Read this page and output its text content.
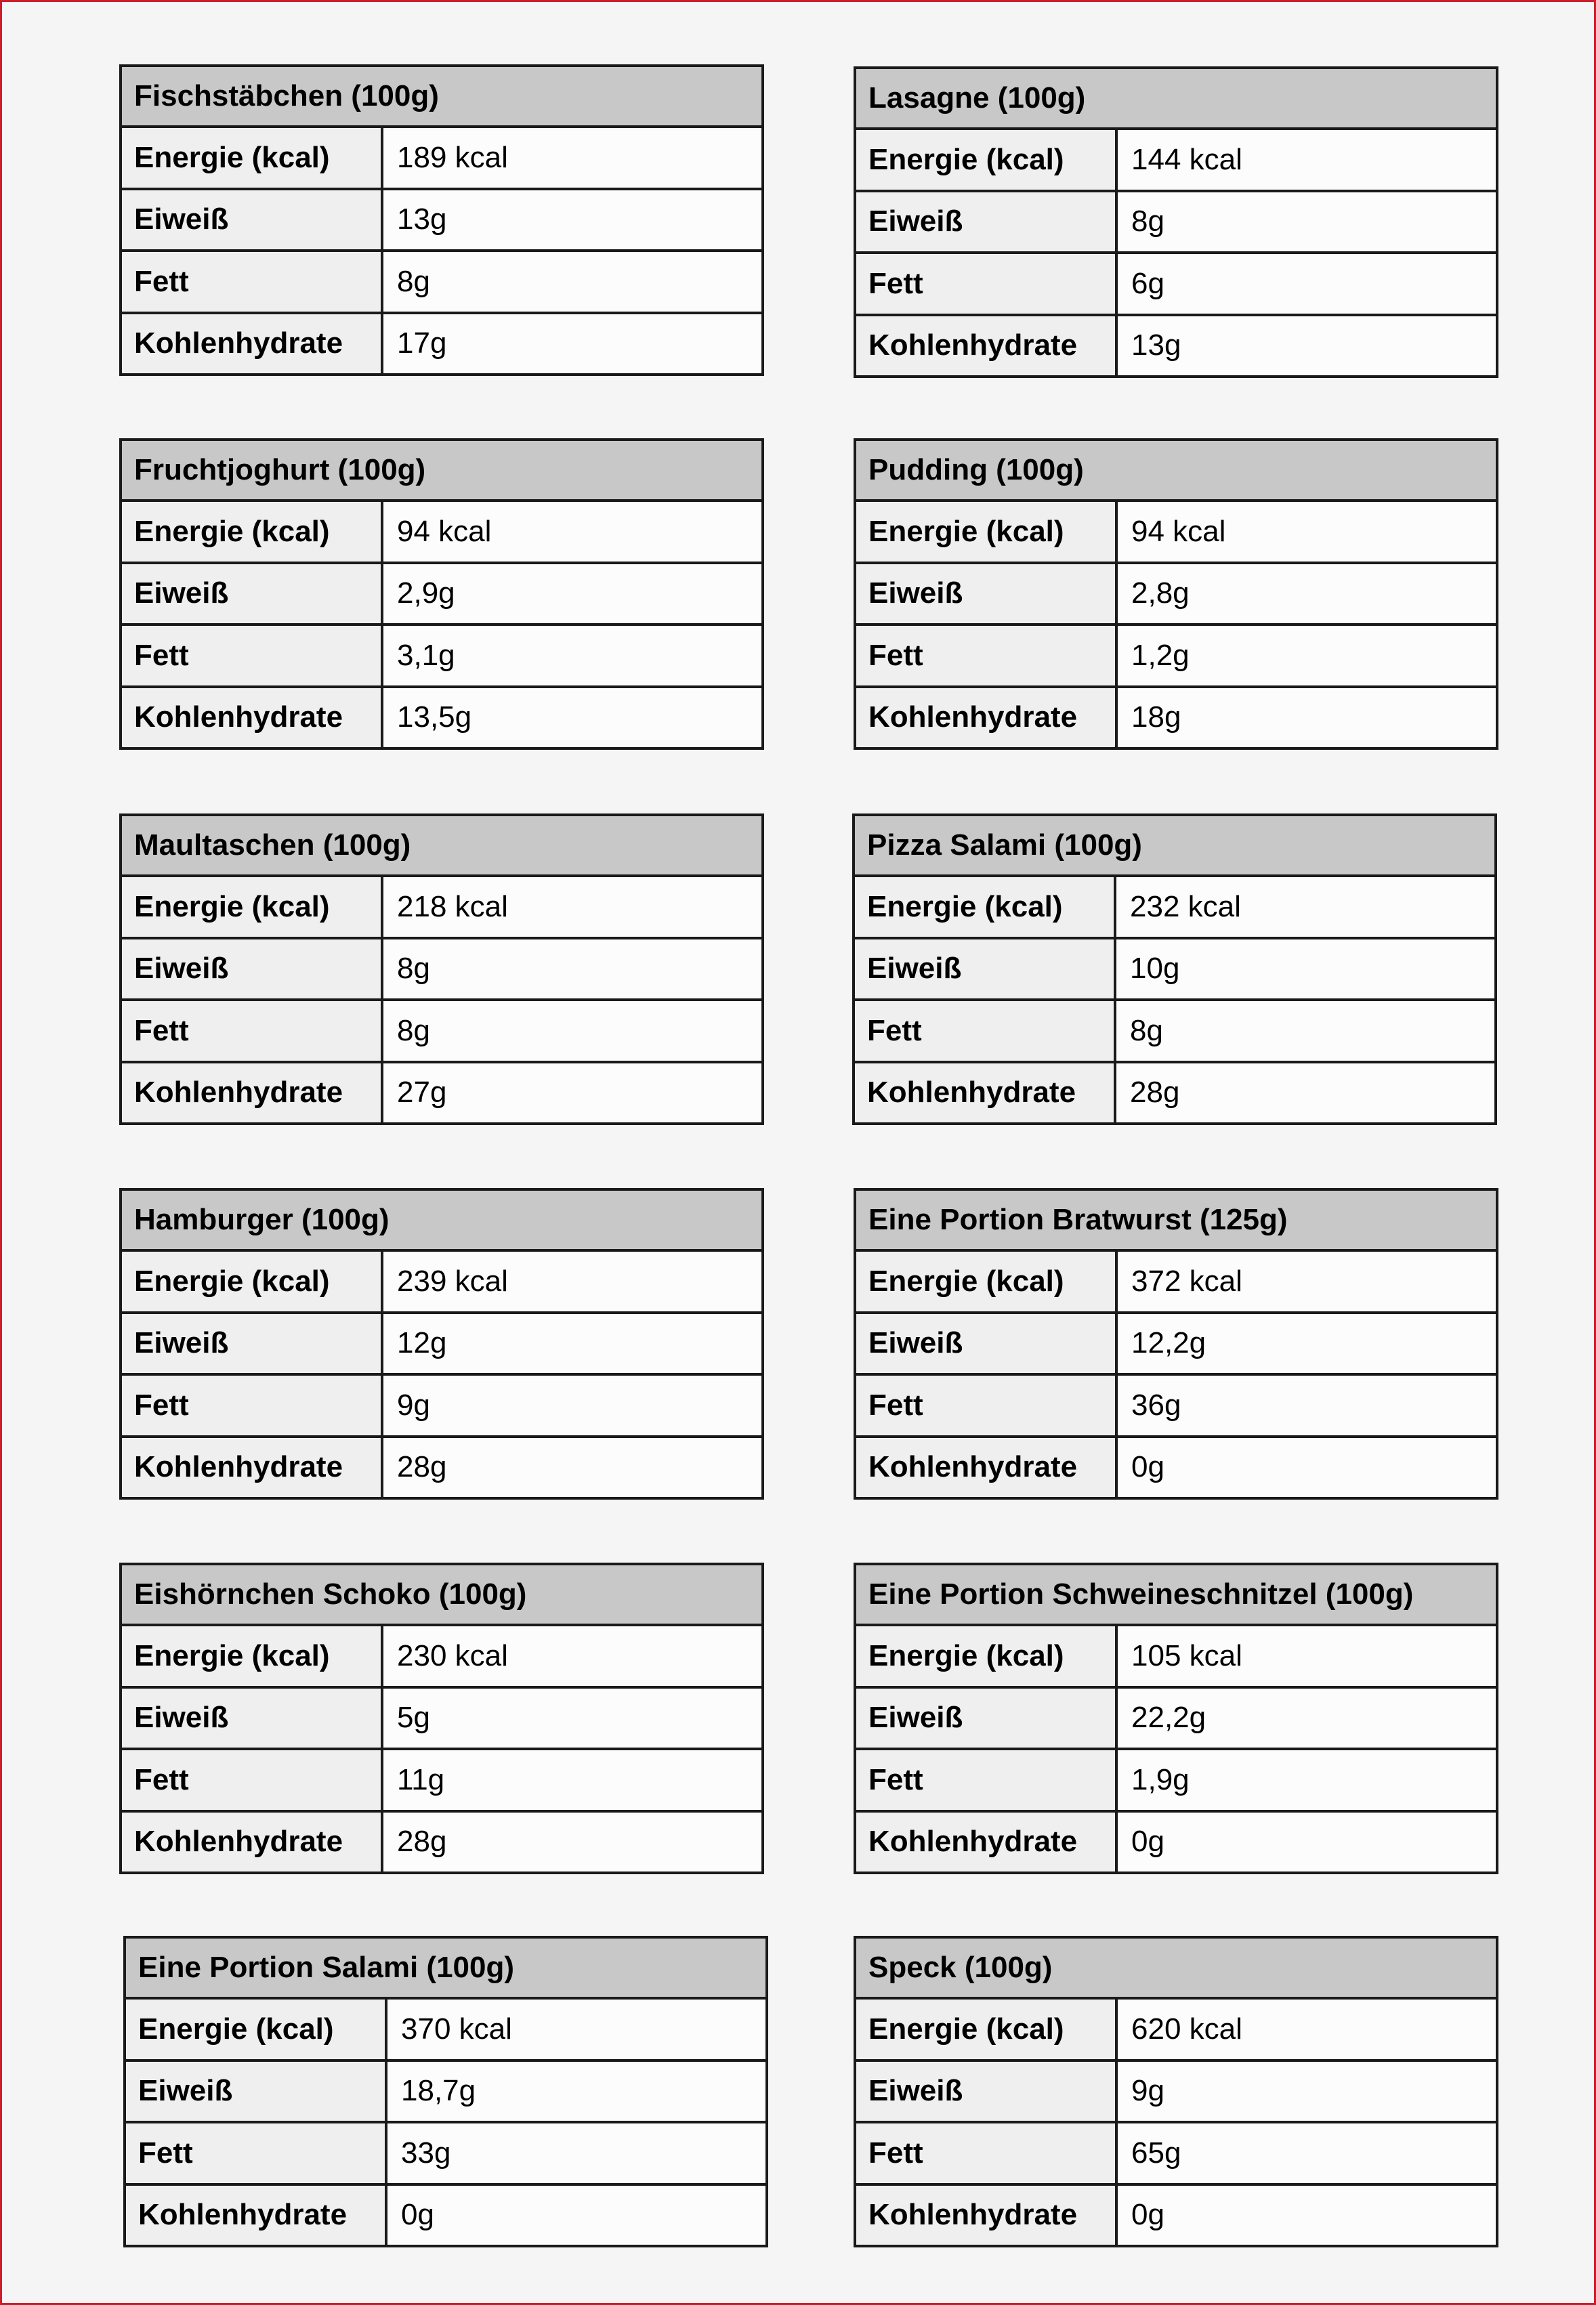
Fischstäbchen (100g)
Energie (kcal)	189 kcal
Eiweiß	13g
Fett	8g
Kohlenhydrate	17g
Lasagne (100g)
Energie (kcal)	144 kcal
Eiweiß	8g
Fett	6g
Kohlenhydrate	13g
Fruchtjoghurt (100g)
Energie (kcal)	94 kcal
Eiweiß	2,9g
Fett	3,1g
Kohlenhydrate	13,5g
Pudding (100g)
Energie (kcal)	94 kcal
Eiweiß	2,8g
Fett	1,2g
Kohlenhydrate	18g
Maultaschen (100g)
Energie (kcal)	218 kcal
Eiweiß	8g
Fett	8g
Kohlenhydrate	27g
Pizza Salami (100g)
Energie (kcal)	232 kcal
Eiweiß	10g
Fett	8g
Kohlenhydrate	28g
Hamburger (100g)
Energie (kcal)	239 kcal
Eiweiß	12g
Fett	9g
Kohlenhydrate	28g
Eine Portion Bratwurst (125g)
Energie (kcal)	372 kcal
Eiweiß	12,2g
Fett	36g
Kohlenhydrate	0g
Eishörnchen Schoko (100g)
Energie (kcal)	230 kcal
Eiweiß	5g
Fett	11g
Kohlenhydrate	28g
Eine Portion Schweineschnitzel (100g)
Energie (kcal)	105 kcal
Eiweiß	22,2g
Fett	1,9g
Kohlenhydrate	0g
Eine Portion Salami (100g)
Energie (kcal)	370 kcal
Eiweiß	18,7g
Fett	33g
Kohlenhydrate	0g
Speck (100g)
Energie (kcal)	620 kcal
Eiweiß	9g
Fett	65g
Kohlenhydrate	0g
